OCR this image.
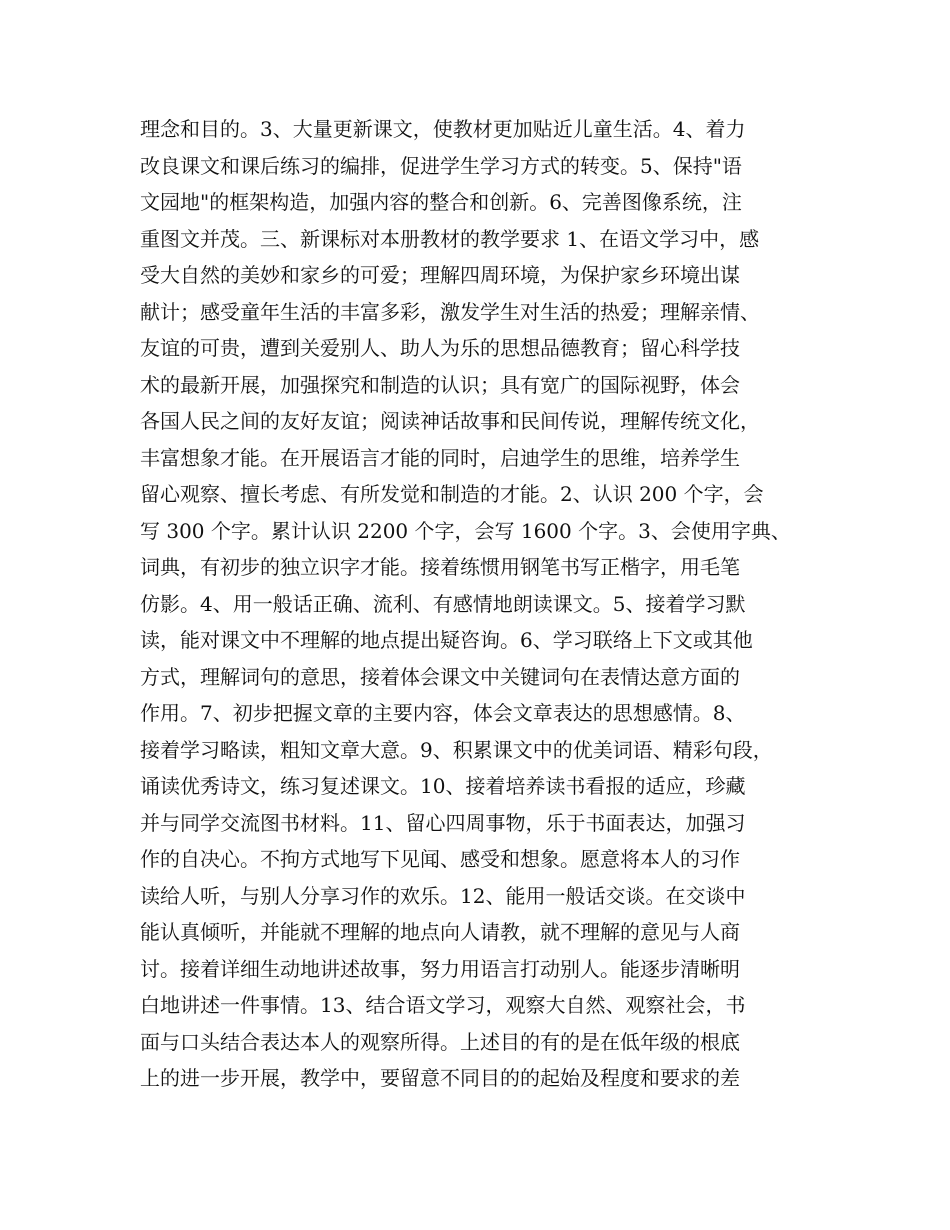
理念和目的。3、大量更新课文，使教材更加贴近儿童生活。4、着力
改良课文和课后练习的编排，促进学生学习方式的转变。5、保持"语
文园地"的框架构造，加强内容的整合和创新。6、完善图像系统，注
重图文并茂。三、新课标对本册教材的教学要求 1、在语文学习中，感
受大自然的美妙和家乡的可爱；理解四周环境，为保护家乡环境出谋
献计；感受童年生活的丰富多彩，激发学生对生活的热爱；理解亲情、
友谊的可贵，遭到关爱别人、助人为乐的思想品德教育；留心科学技
术的最新开展，加强探究和制造的认识；具有宽广的国际视野，体会
各国人民之间的友好友谊；阅读神话故事和民间传说，理解传统文化，
丰富想象才能。在开展语言才能的同时，启迪学生的思维，培养学生
留心观察、擅长考虑、有所发觉和制造的才能。2、认识 200 个字，会
写 300 个字。累计认识 2200 个字，会写 1600 个字。3、会使用字典、
词典，有初步的独立识字才能。接着练惯用钢笔书写正楷字，用毛笔
仿影。4、用一般话正确、流利、有感情地朗读课文。5、接着学习默
读，能对课文中不理解的地点提出疑咨询。6、学习联络上下文或其他
方式，理解词句的意思，接着体会课文中关键词句在表情达意方面的
作用。7、初步把握文章的主要内容，体会文章表达的思想感情。8、
接着学习略读，粗知文章大意。9、积累课文中的优美词语、精彩句段，
诵读优秀诗文，练习复述课文。10、接着培养读书看报的适应，珍藏
并与同学交流图书材料。11、留心四周事物，乐于书面表达，加强习
作的自决心。不拘方式地写下见闻、感受和想象。愿意将本人的习作
读给人听，与别人分享习作的欢乐。12、能用一般话交谈。在交谈中
能认真倾听，并能就不理解的地点向人请教，就不理解的意见与人商
讨。接着详细生动地讲述故事，努力用语言打动别人。能逐步清晰明
白地讲述一件事情。13、结合语文学习，观察大自然、观察社会，书
面与口头结合表达本人的观察所得。上述目的有的是在低年级的根底
上的进一步开展，教学中，要留意不同目的的起始及程度和要求的差
